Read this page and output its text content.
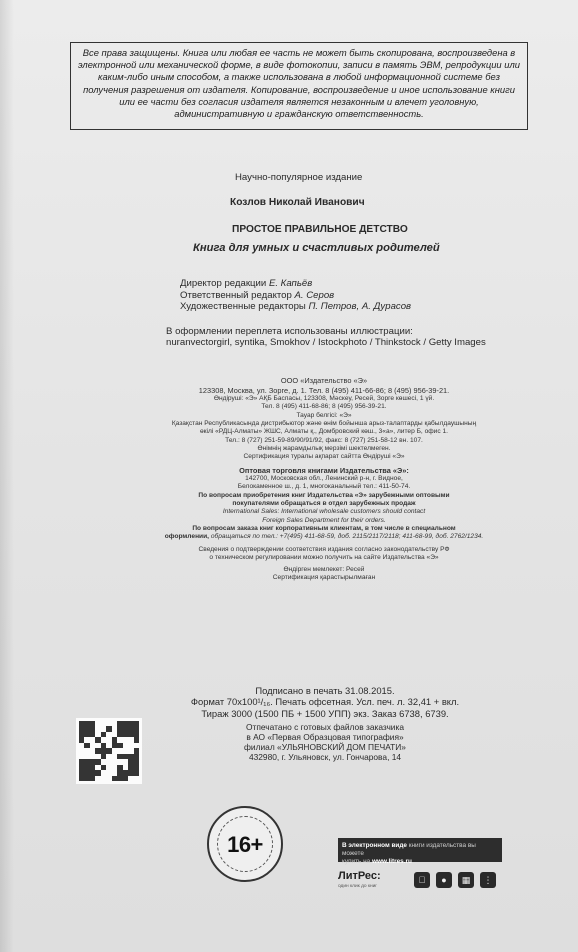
Все права защищены. Книга или любая ее часть не может быть скопирована, воспроизведена в электронной или механической форме, в виде фотокопии, записи в память ЭВМ, репродукции или каким-либо иным способом, а также использована в любой информационной системе без получения разрешения от издателя. Копирование, воспроизведение и иное использование книги или ее части без согласия издателя является незаконным и влечет уголовную, административную и гражданскую ответственность.
Научно-популярное издание
Козлов Николай Иванович
ПРОСТОЕ ПРАВИЛЬНОЕ ДЕТСТВО
Книга для умных и счастливых родителей
Директор редакции Е. Капьёв
Ответственный редактор А. Серов
Художественные редакторы П. Петров, А. Дурасов
В оформлении переплета использованы иллюстрации:
nuranvectorgirl, syntika, Smokhov / Istockphoto / Thinkstock / Getty Images
ООО «Издательство «Э»
123308, Москва, ул. Зорге, д. 1. Тел. 8 (495) 411-66-86; 8 (495) 956-39-21.
Өндіруші: «Э» АҚБ Баспасы, 123308, Мәскеу, Ресей, Зорге көшесі, 1 үй.
Тел. 8 (495) 411-68-86; 8 (495) 956-39-21.
Тауар белгісі: «Э»
Қазақстан Республикасында дистрибьютор және өнім бойынша арыз-талаптарды қабылдаушының
өкілі «РДЦ-Алматы» ЖШС, Алматы қ., Домбровский көш., 3«а», литер Б, офис 1.
Тел.: 8 (727) 251-59-89/90/91/92, факс: 8 (727) 251-58-12 вн. 107.
Өнімнің жарамдылық мерзімі шектелмеген.
Сертификация туралы ақпарат сайтта Өндіруші «Э»
Оптовая торговля книгами Издательства «Э»:
142700, Московская обл., Ленинский р-н, г. Видное,
Белокаменное ш., д. 1, многоканальный тел.: 411-50-74.
По вопросам приобретения книг Издательства «Э» зарубежными оптовыми
покупателями обращаться в отдел зарубежных продаж
International Sales: International wholesale customers should contact
Foreign Sales Department for their orders.
По вопросам заказа книг корпоративным клиентам, в том числе в специальном
оформлении, обращаться по тел.: +7(495) 411-68-59, доб. 2115/2117/2118; 411-68-99, доб. 2762/1234.
Сведения о подтверждении соответствия издания согласно законодательству РФ
о техническом регулировании можно получить на сайте Издательства «Э»
Өндірген мемлекет: Ресей
Сертификация қарастырылмаған
Подписано в печать 31.08.2015.
Формат 70x100¹/₁₆. Печать офсетная. Усл. печ. л. 32,41 + вкл.
Тираж 3000 (1500 ПБ + 1500 УПП) экз. Заказ 6738, 6739.
Отпечатано с готовых файлов заказчика
в АО «Первая Образцовая типография»
филиал «УЛЬЯНОВСКИЙ ДОМ ПЕЧАТИ»
432980, г. Ульяновск, ул. Гончарова, 14
16+	В электронном виде книги издательства вы можете
купить на www.litres.ru
ЛитРес:
один клик до книг
●	▦	⋮
